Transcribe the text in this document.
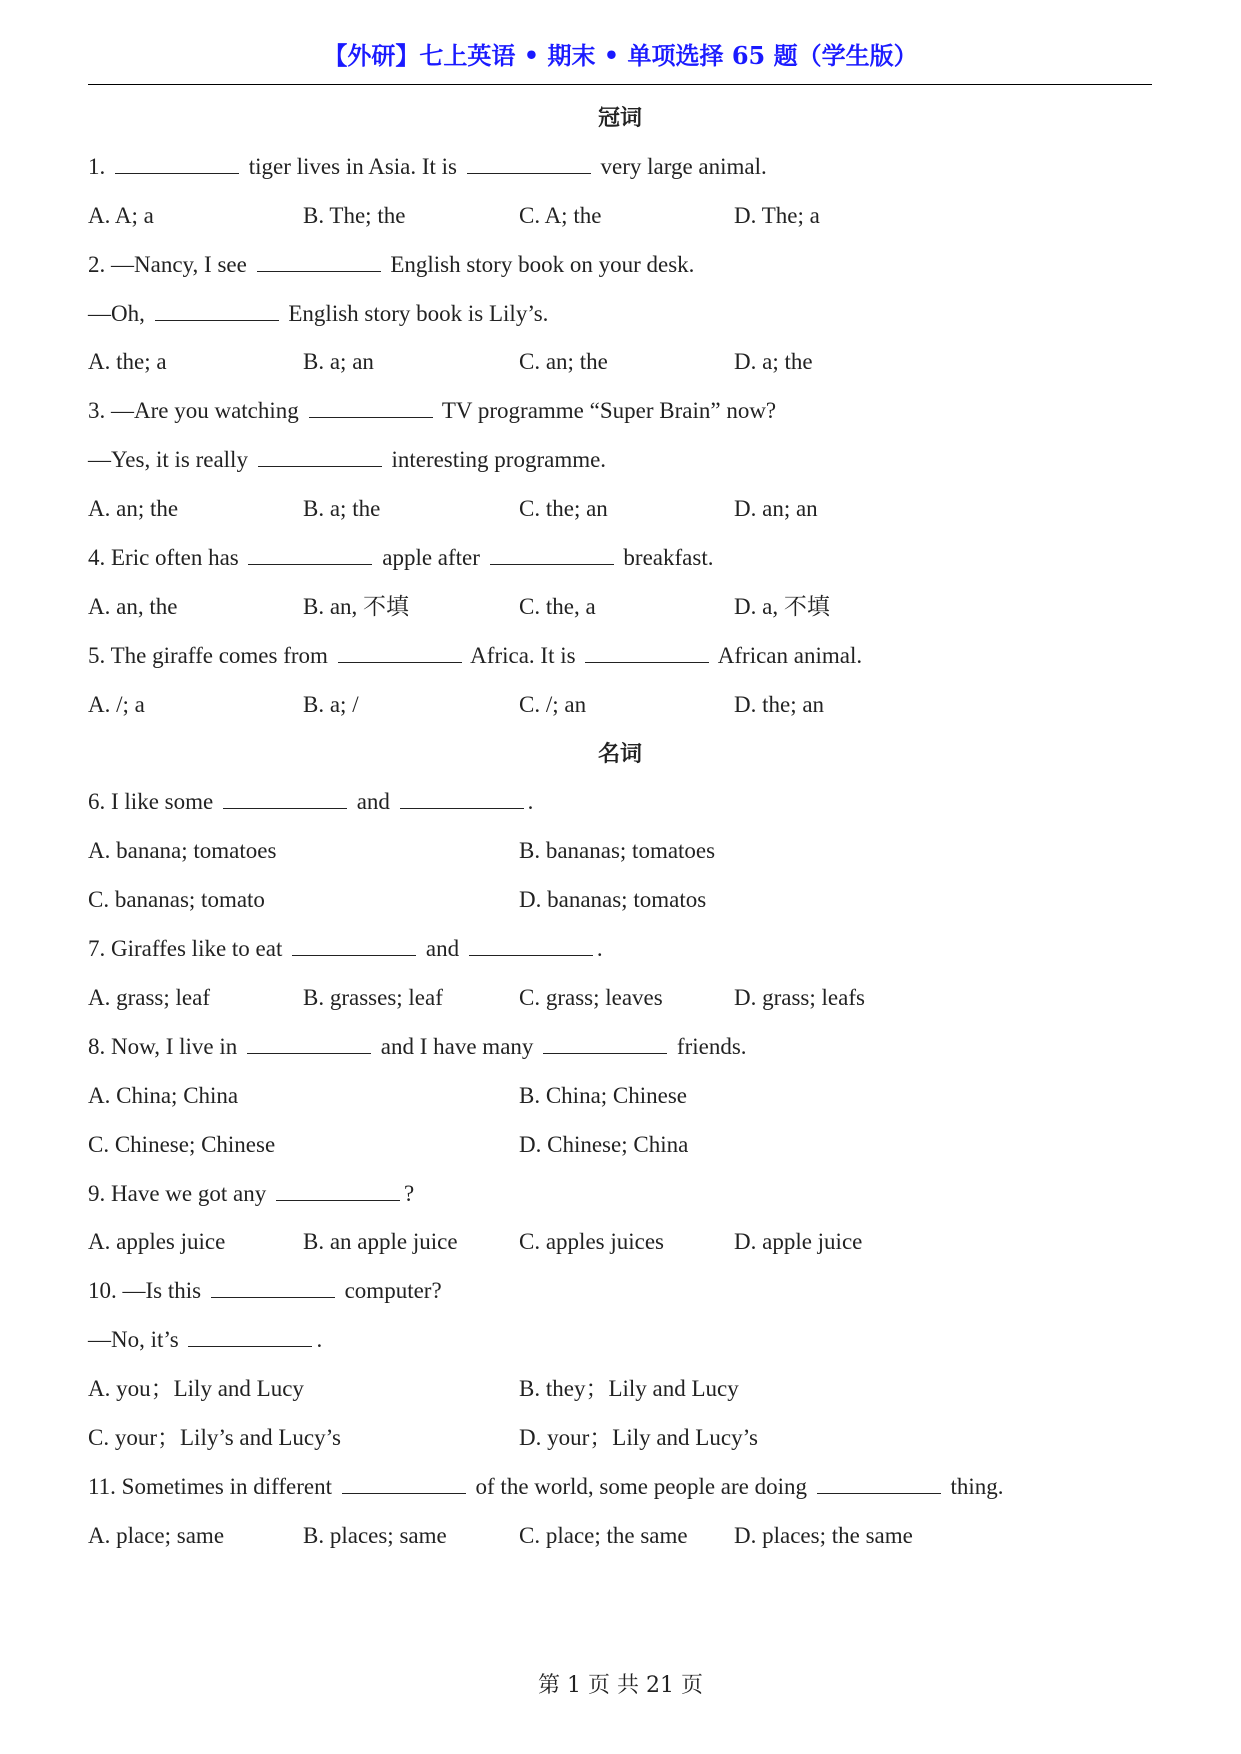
【外研】七上英语 • 期末 • 单项选择 65 题（学生版）
冠词
1.	tiger lives in Asia. It is	very large animal.
A. A; a	B. The; the	C. A; the	D. The; a
2. —Nancy, I see	English story book on your desk.
—Oh,	English story book is Lily’s.
A. the; a	B. a; an	C. an; the	D. a; the
3. —Are you watching	TV programme “Super Brain” now?
—Yes, it is really	interesting programme.
A. an; the	B. a; the	C. the; an	D. an; an
4. Eric often has	apple after	breakfast.
A. an, the	B. an, 不填	C. the, a	D. a, 不填
5. The giraffe comes from	Africa. It is	African animal.
A. /; a	B. a; /	C. /; an	D. the; an
名词
6. I like some	and	.
A. banana; tomatoes	B. bananas; tomatoes
C. bananas; tomato	D. bananas; tomatos
7. Giraffes like to eat	and	.
A. grass; leaf	B. grasses; leaf	C. grass; leaves	D. grass; leafs
8. Now, I live in	and I have many	friends.
A. China; China	B. China; Chinese
C. Chinese; Chinese	D. Chinese; China
9. Have we got any	?
A. apples juice	B. an apple juice	C. apples juices	D. apple juice
10. —Is this	computer?
—No, it’s	.
A. you；Lily and Lucy	B. they；Lily and Lucy
C. your；Lily’s and Lucy’s	D. your；Lily and Lucy’s
11. Sometimes in different	of the world, some people are doing	thing.
A. place; same	B. places; same	C. place; the same D. places; the same
第 1 页 共 21 页
